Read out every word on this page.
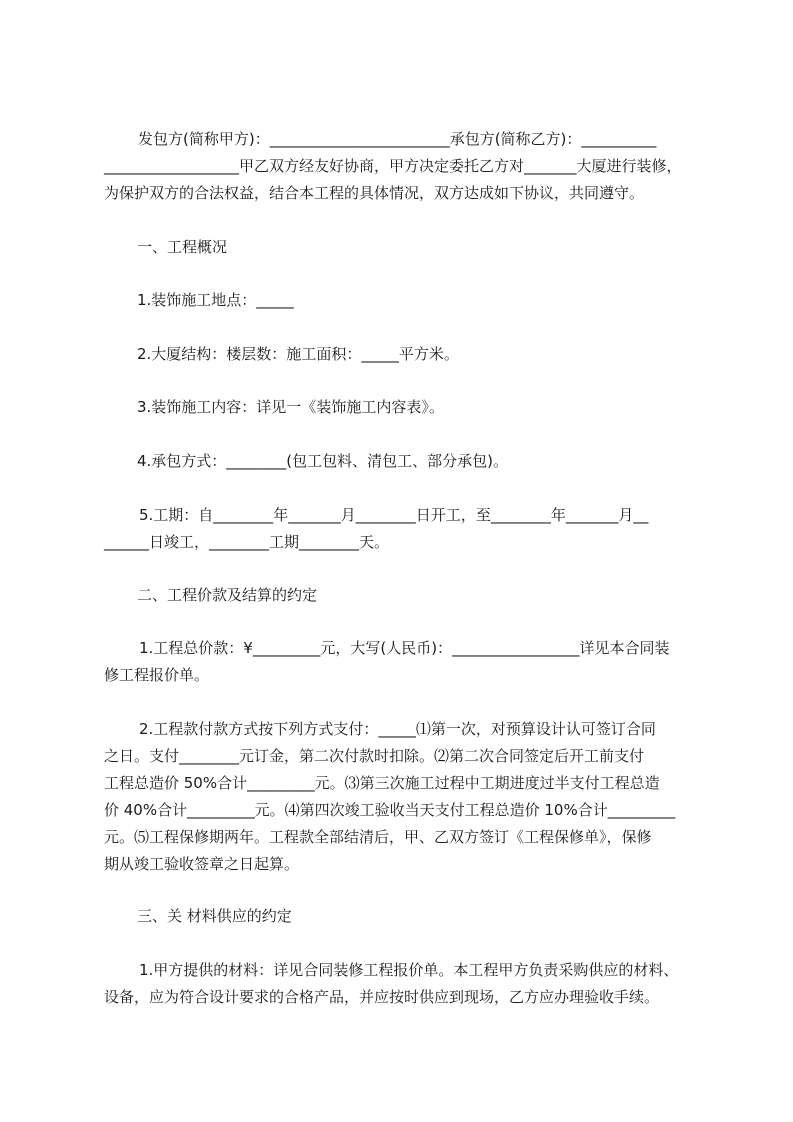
发包方(简称甲方)：________________________承包方(简称乙方)：__________

__________________甲乙双方经友好协商，甲方决定委托乙方对_______大厦进行装修，

为保护双方的合法权益，结合本工程的具体情况，双方达成如下协议，共同遵守。

一、工程概况

1.装饰施工地点：_____

2.大厦结构：楼层数：施工面积：_____平方米。

3.装饰施工内容：详见一《装饰施工内容表》。

4.承包方式：________(包工包料、清包工、部分承包)。

5.工期：自________年_______月________日开工，至________年_______月__

______日竣工，________工期________天。

二、工程价款及结算的约定

1.工程总价款：¥_________元，大写(人民币)：_________________详见本合同装

修工程报价单。

2.工程款付款方式按下列方式支付：_____⑴第一次，对预算设计认可签订合同

之日。支付________元订金，第二次付款时扣除。⑵第二次合同签定后开工前支付

工程总造价 50%合计_________元。⑶第三次施工过程中工期进度过半支付工程总造

价 40%合计_________元。⑷第四次竣工验收当天支付工程总造价 10%合计_________

元。⑸工程保修期两年。工程款全部结清后，甲、乙双方签订《工程保修单》，保修

期从竣工验收签章之日起算。

三、关 材料供应的约定

1.甲方提供的材料：详见合同装修工程报价单。本工程甲方负责采购供应的材料、

设备，应为符合设计要求的合格产品，并应按时供应到现场，乙方应办理验收手续。
